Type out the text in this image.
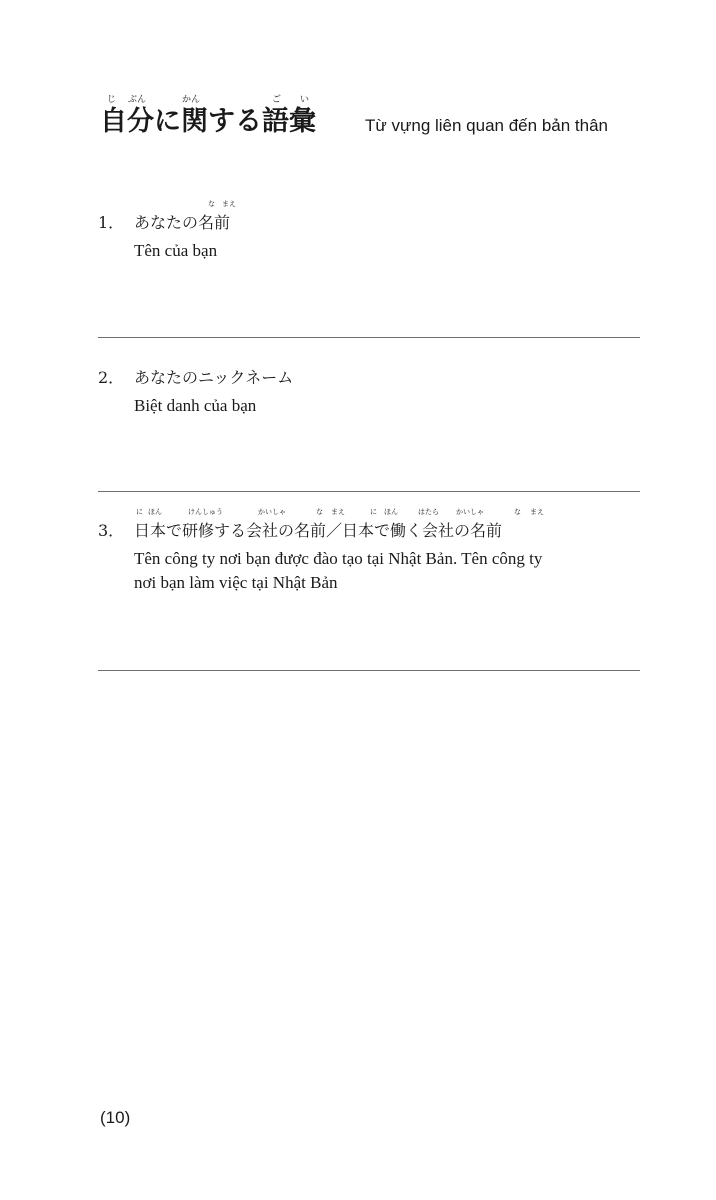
じ ぶん	かん	ご い
自分に関する語彙	Từ vựng liên quan đến bản thân
1． あなたの名前
な まえ
Tên của bạn
2． あなたのニックネーム
Biệt danh của bạn
3． 日本で研修する会社の名前／日本で働く会社の名前
に ほん	けんしゅう	かいしゃ	な まえ	に ほん	はたら かいしゃ	な まえ
Tên công ty nơi bạn được đào tạo tại Nhật Bản. Tên công ty nơi bạn làm việc tại Nhật Bản
(10)
